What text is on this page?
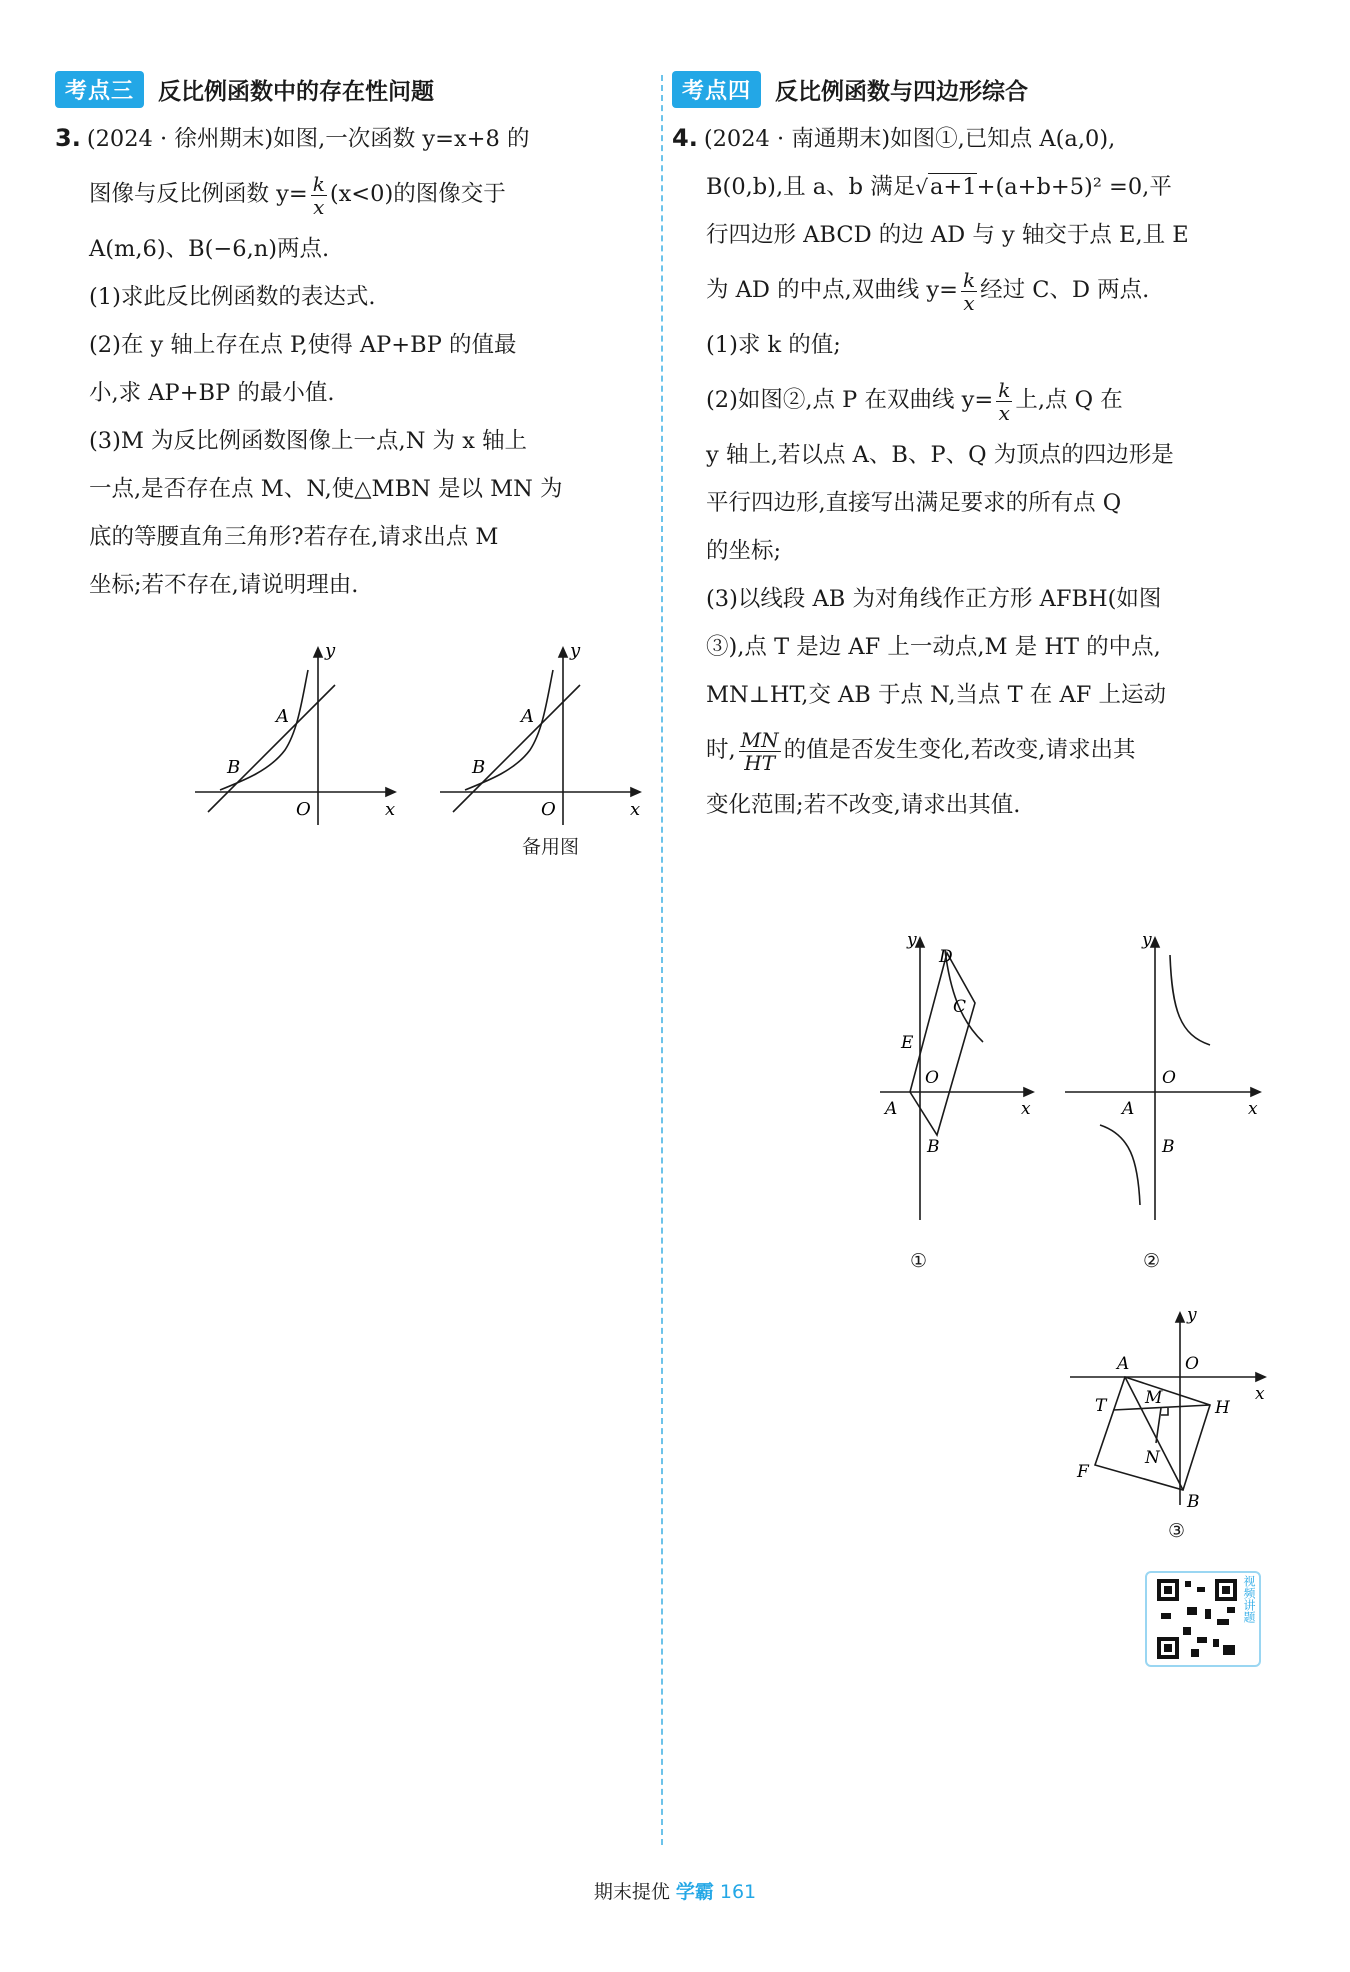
考点三	反比例函数中的存在性问题
3. (2024 · 徐州期末)如图,一次函数 y=x+8 的
图像与反比例函数 $y= \frac{k}{x} (x<0)$的图像交于
A(m,6)、B(−6,n)两点.
(1)求此反比例函数的表达式.
(2)在 y 轴上存在点 P,使得 AP+BP 的值最
小,求 AP+BP 的最小值.
(3)M 为反比例函数图像上一点,N 为 x 轴上
一点,是否存在点 M、N,使△MBN 是以 MN 为
底的等腰直角三角形?若存在,请求出点 M
坐标;若不存在,请说明理由.
y
x
O
A
B
y
x
O
A
B
备用图
考点四	反比例函数与四边形综合
4. (2024 · 南通期末)如图①,已知点 A(a,0),
B(0,b),且 a、b 满足√a+1+(a+b+5)² =0,平
行四边形 ABCD 的边 AD 与 y 轴交于点 E,且 E
为 AD 的中点,双曲线 $y= \frac{k}{x}$ 经过 C、D 两点.
(1)求 k 的值;
(2)如图②,点 P 在双曲线 $y= \frac{k}{x}$ 上,点 Q 在
y 轴上,若以点 A、B、P、Q 为顶点的四边形是
平行四边形,直接写出满足要求的所有点 Q
的坐标;
(3)以线段 AB 为对角线作正方形 AFBH(如图
③),点 T 是边 AF 上一动点,M 是 HT 的中点,
MN⊥HT,交 AB 于点 N,当点 T 在 AF 上运动
时, $\frac{MN}{HT}$ 的值是否发生变化,若改变,请求出其
变化范围;若不改变,请求出其值.
y
x
O
A
B
C
D
E
①
y
x
O
A
B
②
y
x
O
A
B
F
H
T M
N
③
视频讲题
期末提优 学霸 161
